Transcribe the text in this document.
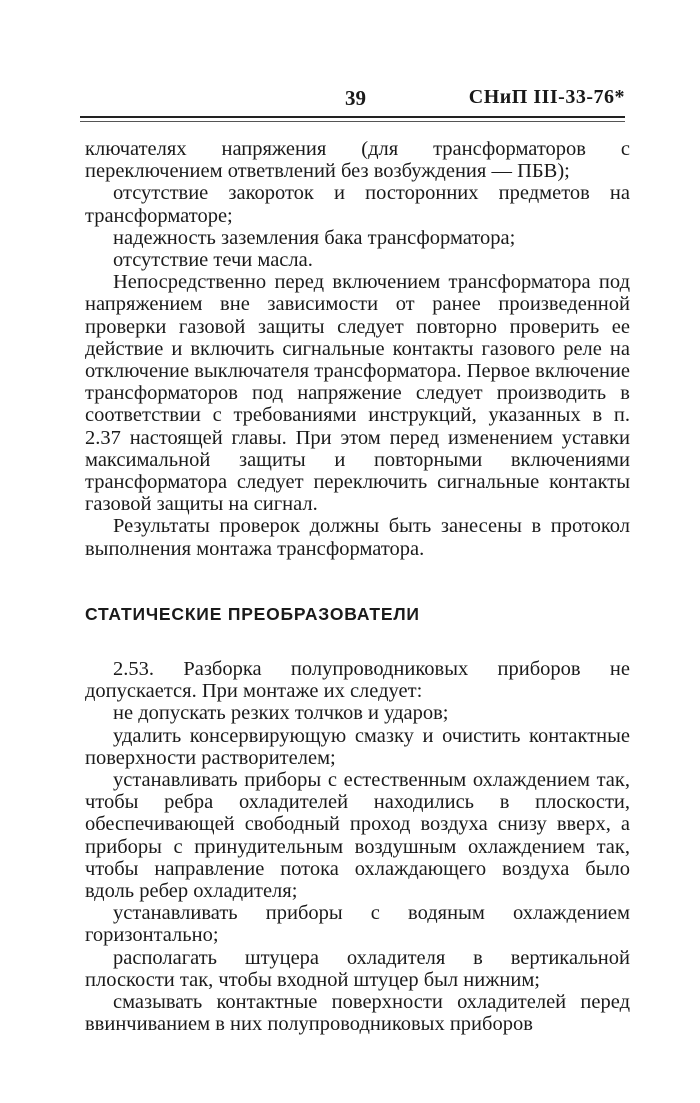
39	СНиП III-33-76*

ключателях напряжения (для трансформаторов с переключением ответвлений без возбуждения — ПБВ);

отсутствие закороток и посторонних предметов на трансформаторе;

надежность заземления бака трансформатора;

отсутствие течи масла.

Непосредственно перед включением трансформатора под напряжением вне зависимости от ранее произведенной проверки газовой защиты следует повторно проверить ее действие и включить сигнальные контакты газового реле на отключение выключателя трансформатора. Первое включение трансформаторов под напряжение следует производить в соответствии с требованиями инструкций, указанных в п. 2.37 настоящей главы. При этом перед изменением уставки максимальной защиты и повторными включениями трансформатора следует переключить сигнальные контакты газовой защиты на сигнал.

Результаты проверок должны быть занесены в протокол выполнения монтажа трансформатора.

СТАТИЧЕСКИЕ ПРЕОБРАЗОВАТЕЛИ

2.53. Разборка полупроводниковых приборов не допускается. При монтаже их следует:

не допускать резких толчков и ударов;

удалить консервирующую смазку и очистить контактные поверхности растворителем;

устанавливать приборы с естественным охлаждением так, чтобы ребра охладителей находились в плоскости, обеспечивающей свободный проход воздуха снизу вверх, а приборы с принудительным воздушным охлаждением так, чтобы направление потока охлаждающего воздуха было вдоль ребер охладителя;

устанавливать приборы с водяным охлаждением горизонтально;

располагать штуцера охладителя в вертикальной плоскости так, чтобы входной штуцер был нижним;

смазывать контактные поверхности охладителей перед ввинчиванием в них полупроводниковых приборов
